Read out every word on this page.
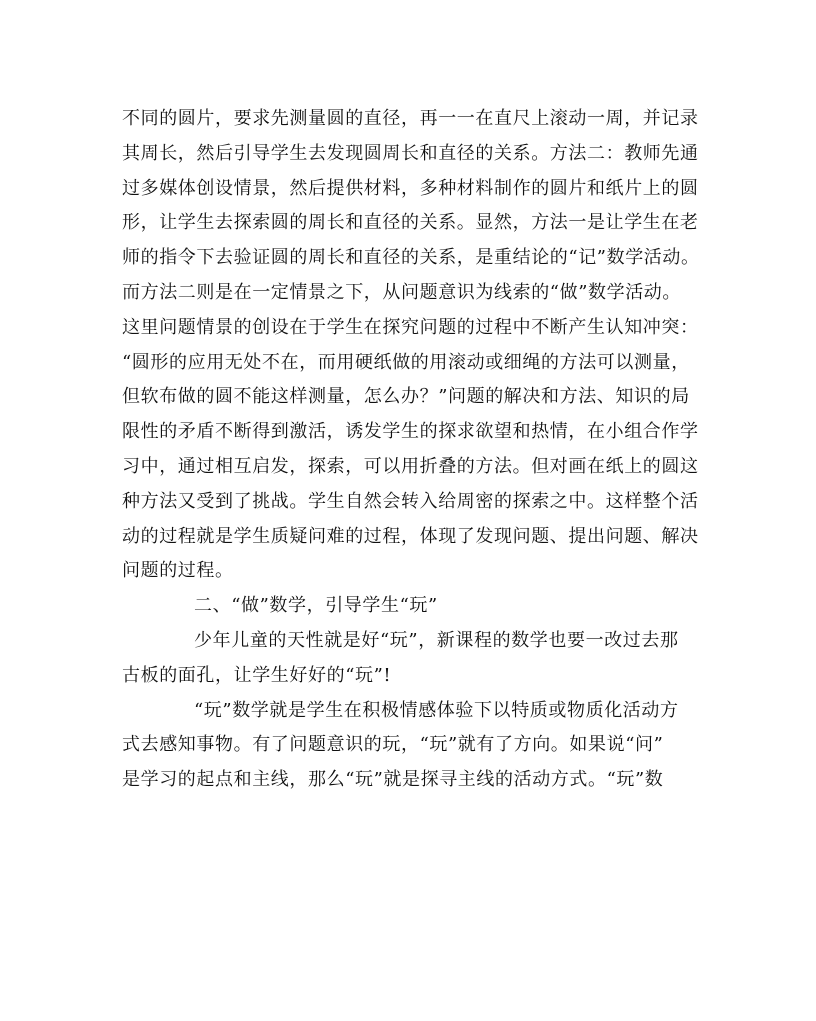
不同的圆片，要求先测量圆的直径，再一一在直尺上滚动一周，并记录
其周长，然后引导学生去发现圆周长和直径的关系。方法二：教师先通
过多媒体创设情景，然后提供材料，多种材料制作的圆片和纸片上的圆
形，让学生去探索圆的周长和直径的关系。显然，方法一是让学生在老
师的指令下去验证圆的周长和直径的关系，是重结论的“记”数学活动。
而方法二则是在一定情景之下，从问题意识为线索的“做”数学活动。
这里问题情景的创设在于学生在探究问题的过程中不断产生认知冲突：
“圆形的应用无处不在，而用硬纸做的用滚动或细绳的方法可以测量，
但软布做的圆不能这样测量，怎么办？”问题的解决和方法、知识的局
限性的矛盾不断得到激活，诱发学生的探求欲望和热情，在小组合作学
习中，通过相互启发，探索，可以用折叠的方法。但对画在纸上的圆这
种方法又受到了挑战。学生自然会转入给周密的探索之中。这样整个活
动的过程就是学生质疑问难的过程，体现了发现问题、提出问题、解决
问题的过程。
二、“做”数学，引导学生“玩”
少年儿童的天性就是好“玩”，新课程的数学也要一改过去那
古板的面孔，让学生好好的“玩”!
“玩”数学就是学生在积极情感体验下以特质或物质化活动方
式去感知事物。有了问题意识的玩，“玩”就有了方向。如果说“问”
是学习的起点和主线，那么“玩”就是探寻主线的活动方式。“玩”数
